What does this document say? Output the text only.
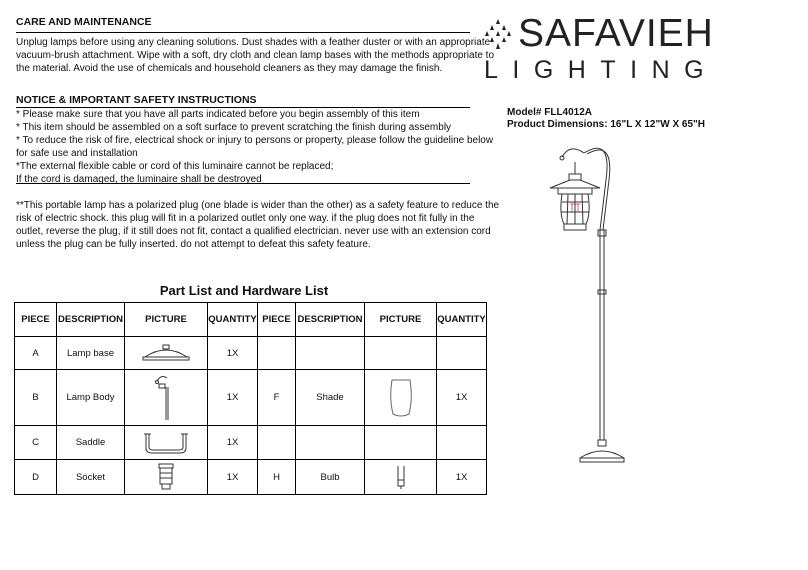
CARE AND MAINTENANCE
Unplug lamps before using any cleaning solutions. Dust shades with a feather duster or with an appropriate
vacuum-brush attachment. Wipe with a soft, dry cloth and clean lamp bases with the methods appropriate to
the material. Avoid the use of chemicals and household cleaners as they may damage the finish.
NOTICE & IMPORTANT SAFETY INSTRUCTIONS
* Please make sure that you have all parts indicated before you begin assembly of this item
* This item should be assembled on a soft surface to prevent scratching the finish during assembly
* To reduce the risk of fire, electrical shock or injury to persons or property, please follow the guideline below
for safe use and installation
*The external flexible cable or cord of this luminaire cannot be replaced;
If the cord is damaged, the luminaire shall be destroyed
**This portable lamp has a polarized plug (one blade is wider than the other) as a safety feature to reduce the
risk of electric shock. this plug will fit in a polarized outlet only one way. if the plug does not fit fully in the
outlet, reverse the plug, if it still does not fit, contact a qualified electrician. never use with an extension cord
unless the plug can be fully inserted. do not attempt to defeat this safety feature.
SAFAVIEH
LIGHTING
Model# FLL4012A
Product Dimensions: 16"L X 12"W X 65"H
Part List and Hardware List
PIECE	DESCRIPTION	PICTURE	QUANTITY	PIECE	DESCRIPTION	PICTURE	QUANTITY
A	Lamp base		1X				
B	Lamp Body		1X	F	Shade		1X
C	Saddle		1X				
D	Socket		1X	H	Bulb		1X
